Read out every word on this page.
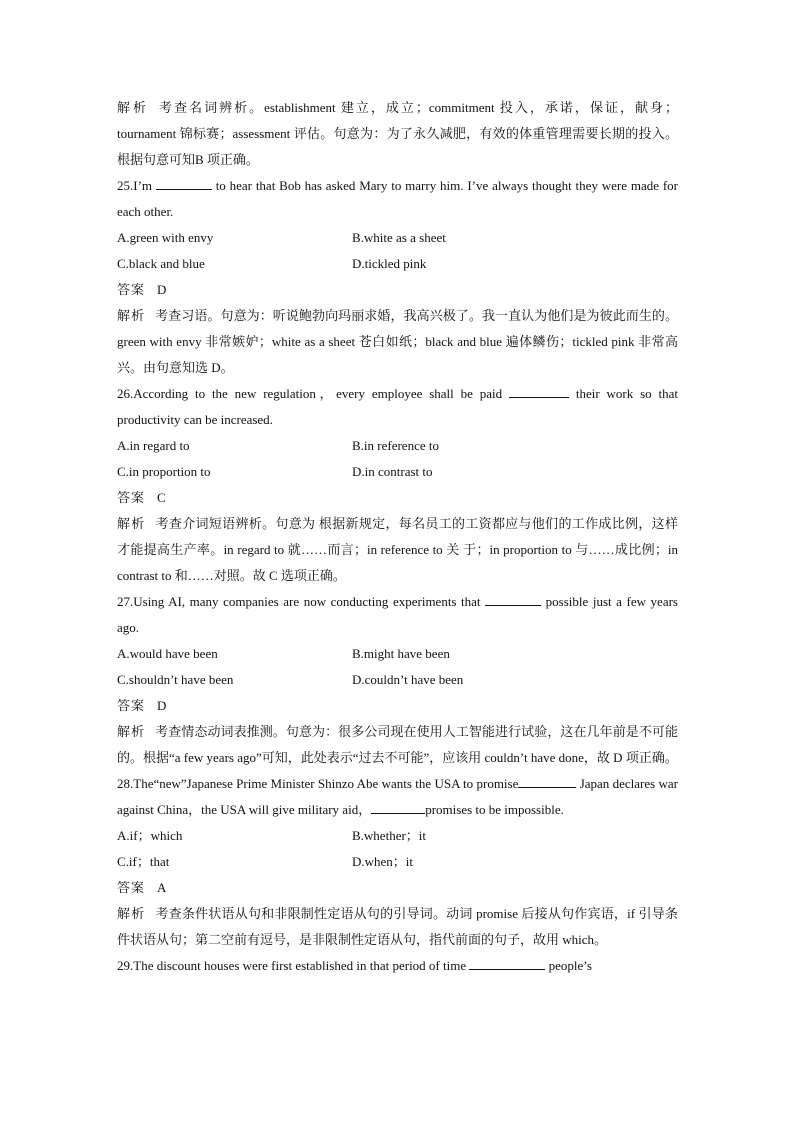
解析 考查名词辨析。establishment 建立，成立；commitment 投入，承诺，保证，献身；tournament 锦标赛；assessment 评估。句意为：为了永久减肥，有效的体重管理需要长期的投入。根据句意可知B 项正确。

25.I’m	to hear that Bob has asked Mary to marry him. I’ve always thought they were made for each other.

A.green with envy	B.white as a sheet
C.black and blue	D.tickled pink

答案 D

解析 考查习语。句意为：听说鲍勃向玛丽求婚，我高兴极了。我一直认为他们是为彼此而生的。green with envy 非常嫉妒；white as a sheet 苍白如纸；black and blue 遍体鳞伤；tickled pink 非常高兴。由句意知选 D。

26.According to the new regulation，every employee shall be paid	their work so that productivity can be increased.

A.in regard to	B.in reference to
C.in proportion to	D.in contrast to

答案 C

解析 考查介词短语辨析。句意为 根据新规定，每名员工的工资都应与他们的工作成比例，这样才能提高生产率。in regard to 就……而言；in reference to 关 于；in proportion to 与……成比例；in contrast to 和……对照。故 C 选项正确。

27.Using AI, many companies are now conducting experiments that	possible just a few years ago.

A.would have been	B.might have been
C.shouldn’t have been	D.couldn’t have been

答案 D

解析 考查情态动词表推测。句意为：很多公司现在使用人工智能进行试验，这在几年前是不可能的。根据“a few years ago”可知，此处表示“过去不可能”，应该用 couldn’t have done，故 D 项正确。

28.The“new”Japanese Prime Minister Shinzo Abe wants the USA to promise	Japan declares war against China，the USA will give military aid，	promises to be impossible.

A.if；which	B.whether；it
C.if；that	D.when；it

答案 A

解析 考查条件状语从句和非限制性定语从句的引导词。动词 promise 后接从句作宾语，if 引导条件状语从句；第二空前有逗号，是非限制性定语从句，指代前面的句子，故用 which。

29.The discount houses were first established in that period of time	people’s
